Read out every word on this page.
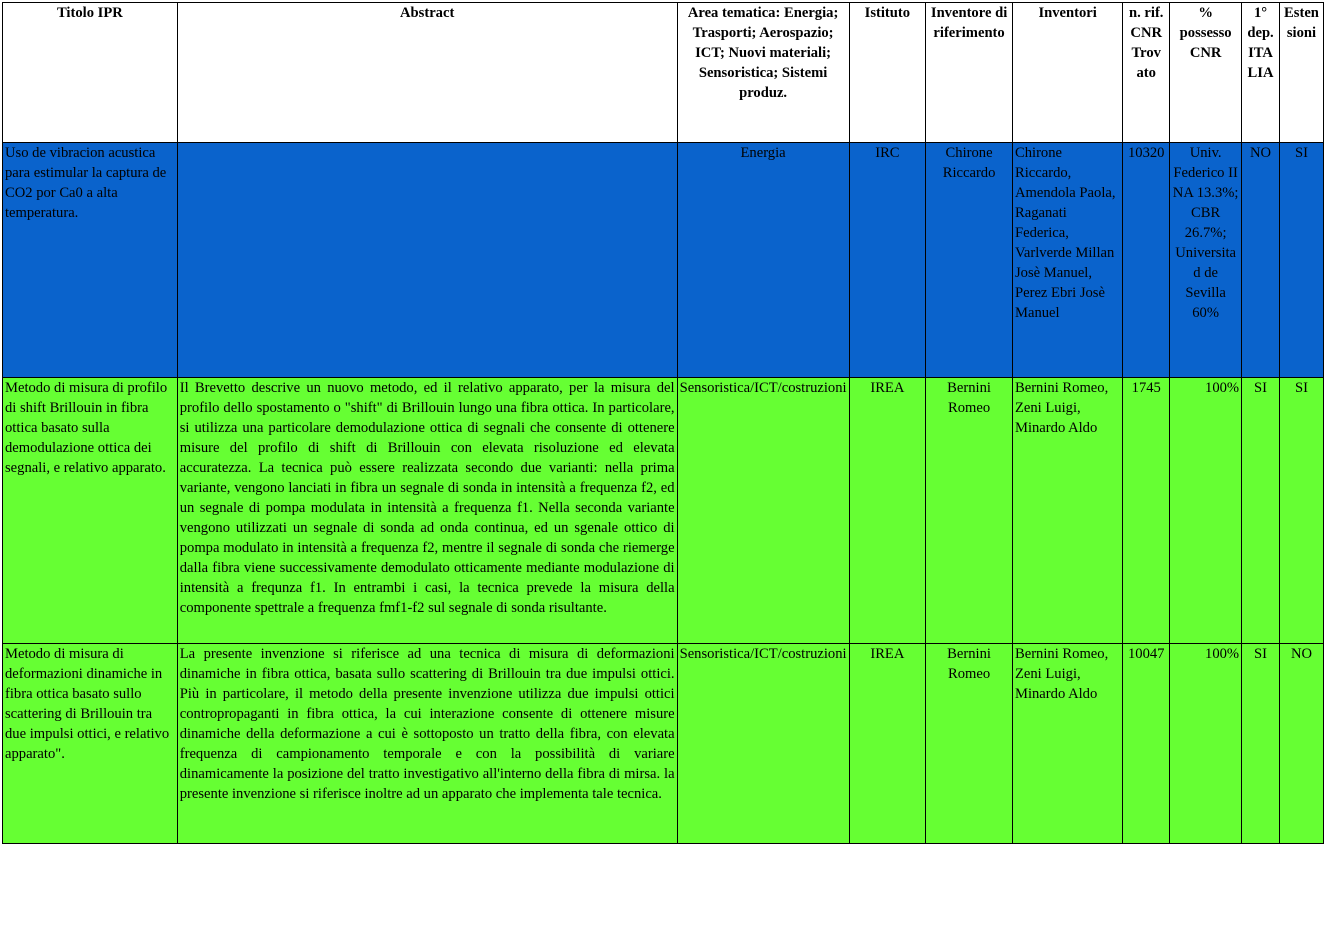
Titolo IPR	Abstract	Area tematica: Energia; Trasporti; Aerospazio; ICT; Nuovi materiali; Sensoristica; Sistemi produz.	Istituto	Inventore di riferimento	Inventori	n. rif. CNR Trov ato	% possesso CNR	1° dep. ITA LIA	Esten sioni
Uso de vibracion acustica para estimular la captura de CO2 por Ca0 a alta temperatura.		Energia	IRC	Chirone Riccardo	Chirone Riccardo, Amendola Paola, Raganati Federica, Varlverde Millan Josè Manuel, Perez Ebri Josè Manuel	10320	Univ. Federico II NA 13.3%; CBR 26.7%; Universita d de Sevilla 60%	NO	SI
Metodo di misura di profilo di shift Brillouin in fibra ottica basato sulla demodulazione ottica dei segnali, e relativo apparato.	Il Brevetto descrive un nuovo metodo, ed il relativo apparato, per la misura del profilo dello spostamento o "shift" di Brillouin lungo una fibra ottica. In particolare, si utilizza una particolare demodulazione ottica di segnali che consente di ottenere misure del profilo di shift di Brillouin con elevata risoluzione ed elevata accuratezza. La tecnica può essere realizzata secondo due varianti: nella prima variante, vengono lanciati in fibra un segnale di sonda in intensità a frequenza f2, ed un segnale di pompa modulata in intensità a frequenza f1. Nella seconda variante vengono utilizzati un segnale di sonda ad onda continua, ed un sgenale ottico di pompa modulato in intensità a frequenza f2, mentre il segnale di sonda che riemerge dalla fibra viene successivamente demodulato otticamente mediante modulazione di intensità a frequnza f1. In entrambi i casi, la tecnica prevede la misura della componente spettrale a frequenza fmf1-f2 sul segnale di sonda risultante.	Sensoristica/ICT/costruzioni	IREA	Bernini Romeo	Bernini Romeo, Zeni Luigi, Minardo Aldo	1745	100%	SI	SI
Metodo di misura di deformazioni dinamiche in fibra ottica basato sullo scattering di Brillouin tra due impulsi ottici, e relativo apparato".	La presente invenzione si riferisce ad una tecnica di misura di deformazioni dinamiche in fibra ottica, basata sullo scattering di Brillouin tra due impulsi ottici. Più in particolare, il metodo della presente invenzione utilizza due impulsi ottici contropropaganti in fibra ottica, la cui interazione consente di ottenere misure dinamiche della deformazione a cui è sottoposto un tratto della fibra, con elevata frequenza di campionamento temporale e con la possibilità di variare dinamicamente la posizione del tratto investigativo all'interno della fibra di mirsa. la presente invenzione si riferisce inoltre ad un apparato che implementa tale tecnica.	Sensoristica/ICT/costruzioni	IREA	Bernini Romeo	Bernini Romeo, Zeni Luigi, Minardo Aldo	10047	100%	SI	NO
